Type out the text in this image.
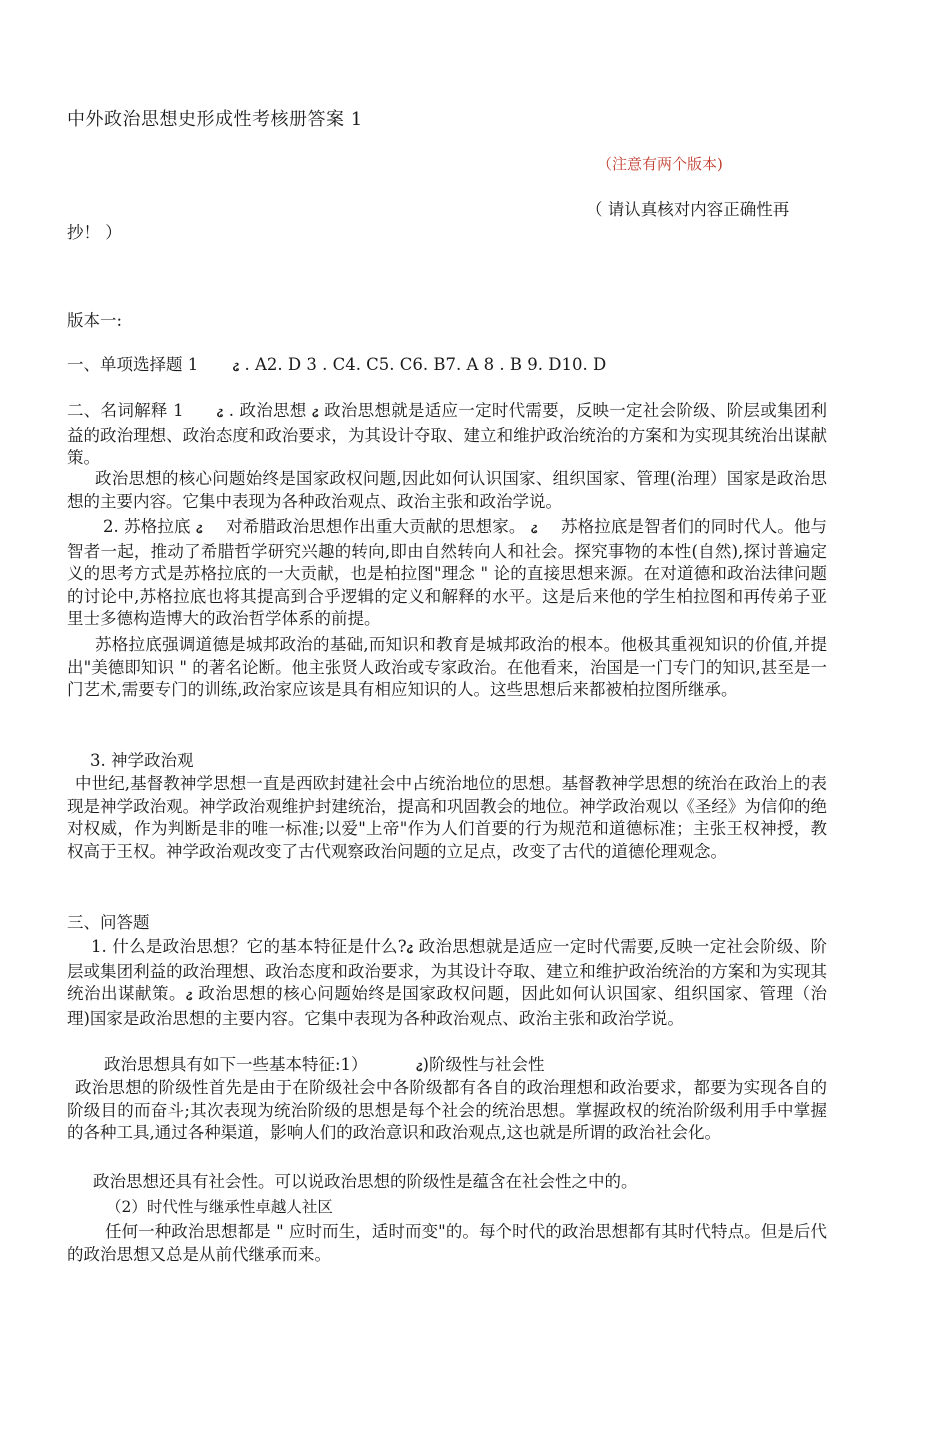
中外政治思想史形成性考核册答案 1
（注意有两个版本)
（ 请认真核对内容正确性再
抄！ ）
版本一:
一、单项选择题 1	ઢ . A2. D 3 . C4. C5. C6. B7. A 8 . B 9. D10. D
二、名词解释 1	ઢ . 政治思想 ઢ 政治思想就是适应一定时代需要，反映一定社会阶级、阶层或集团利益的政治理想、政治态度和政治要求，为其设计夺取、建立和维护政治统治的方案和为实现其统治出谋献策。
政治思想的核心问题始终是国家政权问题,因此如何认识国家、组织国家、管理(治理）国家是政治思想的主要内容。它集中表现为各种政治观点、政治主张和政治学说。
2. 苏格拉底 ઢ 对希腊政治思想作出重大贡献的思想家。 ઢ 苏格拉底是智者们的同时代人。他与智者一起，推动了希腊哲学研究兴趣的转向,即由自然转向人和社会。探究事物的本性(自然),探讨普遍定义的思考方式是苏格拉底的一大贡献，也是柏拉图"理念 " 论的直接思想来源。在对道德和政治法律问题的讨论中,苏格拉底也将其提高到合乎逻辑的定义和解释的水平。这是后来他的学生柏拉图和再传弟子亚里士多德构造博大的政治哲学体系的前提。
苏格拉底强调道德是城邦政治的基础,而知识和教育是城邦政治的根本。他极其重视知识的价值,并提出"美德即知识 " 的著名论断。他主张贤人政治或专家政治。在他看来，治国是一门专门的知识,甚至是一门艺术,需要专门的训练,政治家应该是具有相应知识的人。这些思想后来都被柏拉图所继承。
3. 神学政治观
中世纪,基督教神学思想一直是西欧封建社会中占统治地位的思想。基督教神学思想的统治在政治上的表现是神学政治观。神学政治观维护封建统治，提高和巩固教会的地位。神学政治观以《圣经》为信仰的绝对权威，作为判断是非的唯一标准;以爱"上帝"作为人们首要的行为规范和道德标准；主张王权神授，教权高于王权。神学政治观改变了古代观察政治问题的立足点，改变了古代的道德伦理观念。
三、问答题
1. 什么是政治思想？它的基本特征是什么?ઢ 政治思想就是适应一定时代需要,反映一定社会阶级、阶层或集团利益的政治理想、政治态度和政治要求，为其设计夺取、建立和维护政治统治的方案和为实现其统治出谋献策。ઢ 政治思想的核心问题始终是国家政权问题，因此如何认识国家、组织国家、管理（治理)国家是政治思想的主要内容。它集中表现为各种政治观点、政治主张和政治学说。
政治思想具有如下一些基本特征:1）	ઢ)阶级性与社会性
政治思想的阶级性首先是由于在阶级社会中各阶级都有各自的政治理想和政治要求，都要为实现各自的阶级目的而奋斗;其次表现为统治阶级的思想是每个社会的统治思想。掌握政权的统治阶级利用手中掌握的各种工具,通过各种渠道，影响人们的政治意识和政治观点,这也就是所谓的政治社会化。
政治思想还具有社会性。可以说政治思想的阶级性是蕴含在社会性之中的。
（2）时代性与继承性卓越人社区
任何一种政治思想都是 " 应时而生，适时而变"的。每个时代的政治思想都有其时代特点。但是后代的政治思想又总是从前代继承而来。
